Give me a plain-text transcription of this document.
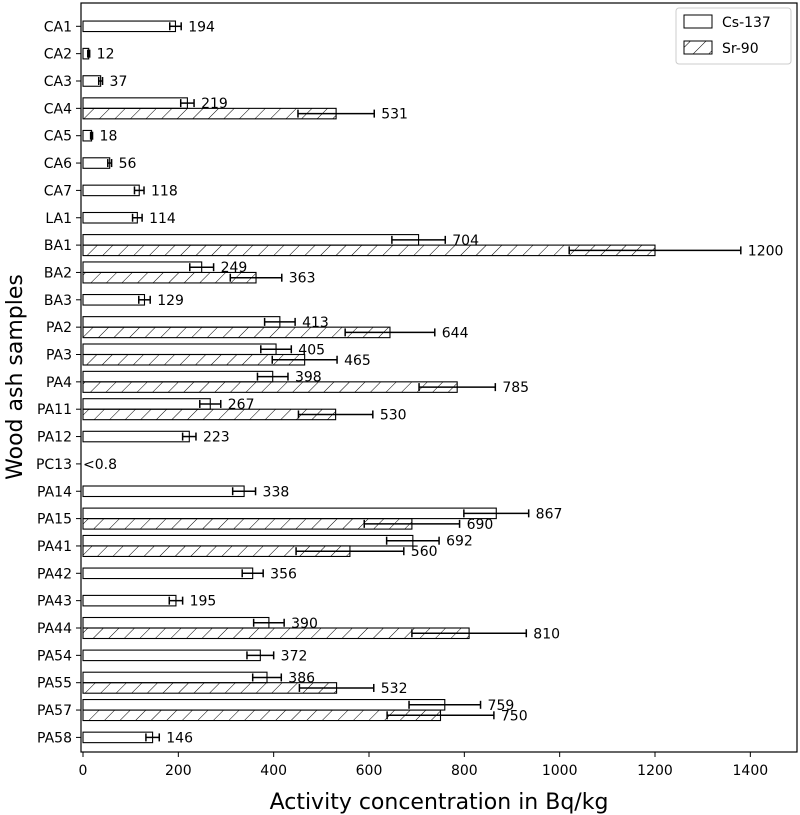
194
12
37
219
531
18
56
118
114
704
1200
249
363
129
413
644
405
465
398
785
267
530
223
<0.8
338
867
690
692
560
356
195
390
810
372
386
532
759
750
146
CA1
CA2
CA3
CA4
CA5
CA6
CA7
LA1
BA1
BA2
BA3
PA2
PA3
PA4
PA11
PA12
PC13
PA14
PA15
PA41
PA42
PA43
PA44
PA54
PA55
PA57
PA58
0	200	400	600	800	1000	1200	1400
Activity concentration in Bq/kg
Wood ash samples
Cs-137
Sr-90
